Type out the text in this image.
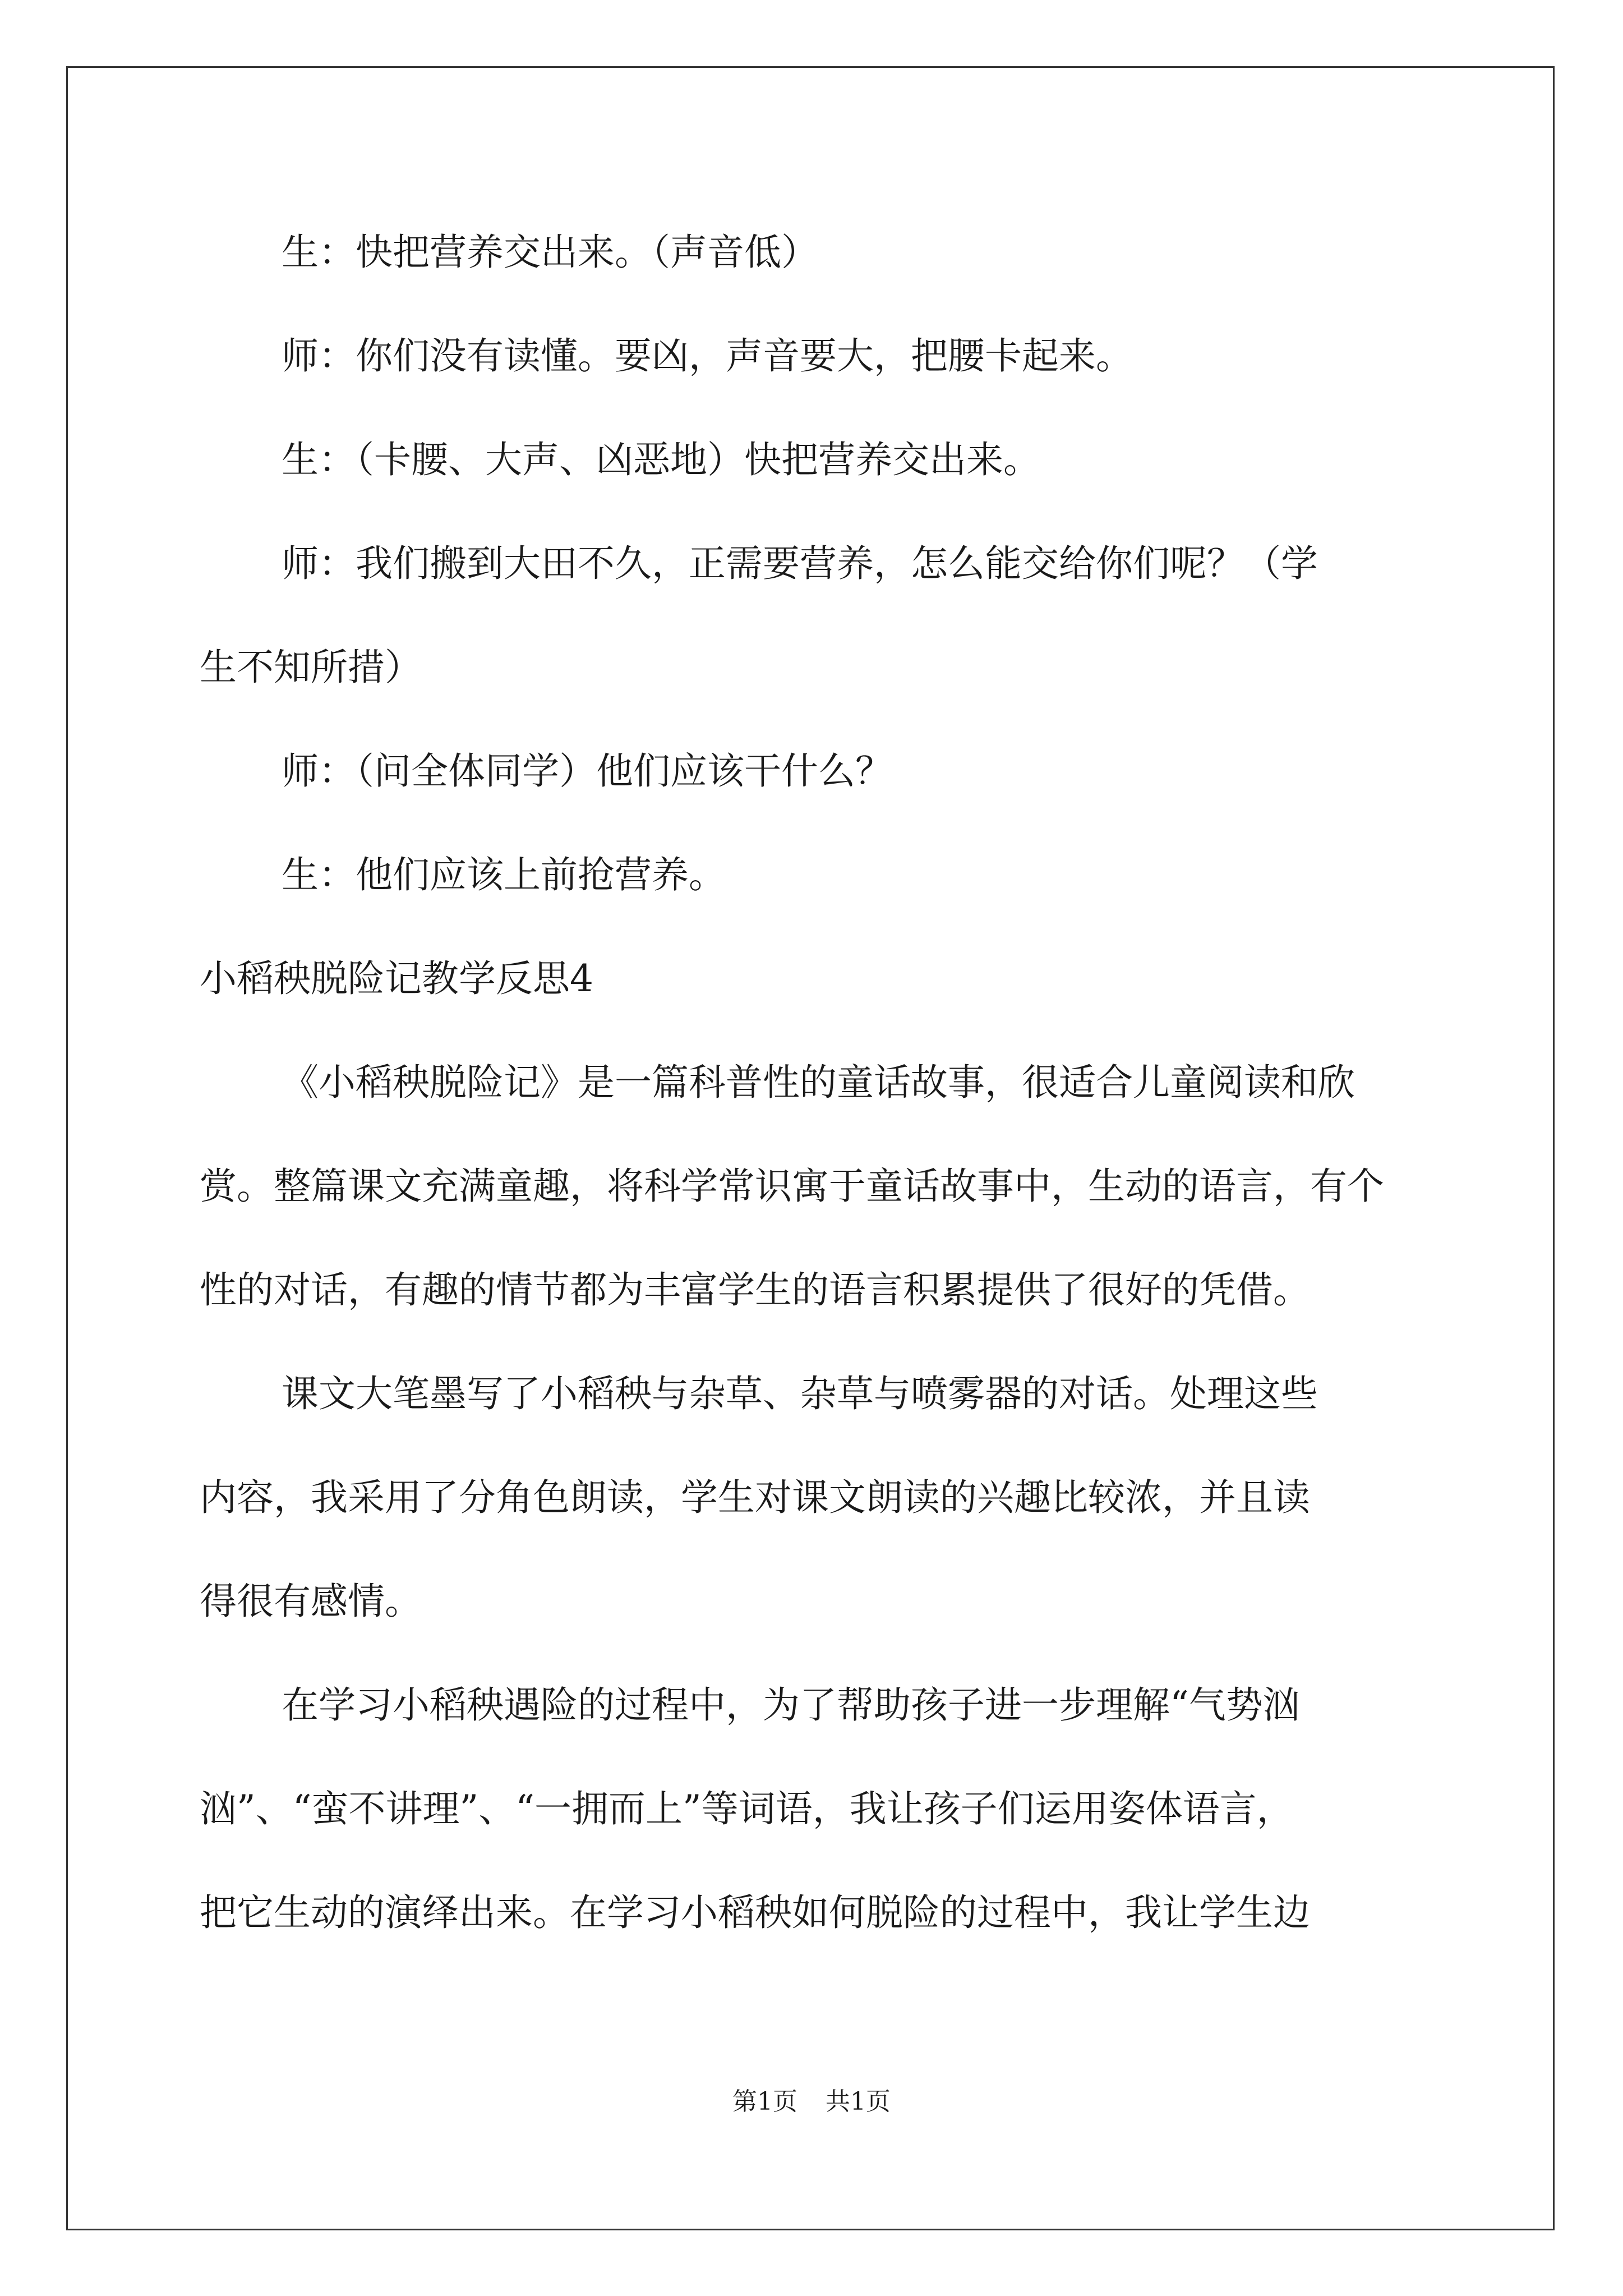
生：快把营养交出来。（声音低）
师：你们没有读懂。要凶，声音要大，把腰卡起来。
生：（卡腰、大声、凶恶地）快把营养交出来。
师：我们搬到大田不久，正需要营养，怎么能交给你们呢？（学
生不知所措）
师：（问全体同学）他们应该干什么？
生：他们应该上前抢营养。
小稻秧脱险记教学反思4
《小稻秧脱险记》是一篇科普性的童话故事，很适合儿童阅读和欣
赏。整篇课文充满童趣，将科学常识寓于童话故事中，生动的语言，有个
性的对话，有趣的情节都为丰富学生的语言积累提供了很好的凭借。
课文大笔墨写了小稻秧与杂草、杂草与喷雾器的对话。处理这些
内容，我采用了分角色朗读，学生对课文朗读的兴趣比较浓，并且读
得很有感情。
在学习小稻秧遇险的过程中，为了帮助孩子进一步理解“气势汹
汹”、“蛮不讲理”、“一拥而上”等词语，我让孩子们运用姿体语言，
把它生动的演绎出来。在学习小稻秧如何脱险的过程中，我让学生边
第1页 共1页
